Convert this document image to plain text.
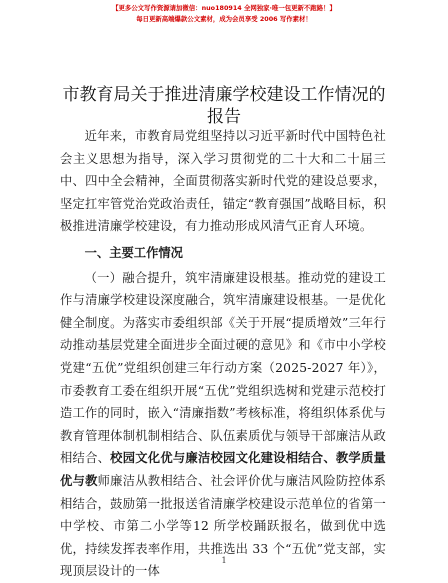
【更多公文写作资源请加微信：nuo180914 全网独家·唯一包更新不跑路！】
每日更新高端爆款公文素材，成为会员享受 2006 写作素材！
市教育局关于推进清廉学校建设工作情况的报告

近年来，市教育局党组坚持以习近平新时代中国特色社会主义思想为指导，深入学习贯彻党的二十大和二十届三中、四中全会精神，全面贯彻落实新时代党的建设总要求，坚定扛牢管党治党政治责任，锚定“教育强国”战略目标，积极推进清廉学校建设，有力推动形成风清气正育人环境。

一、主要工作情况

（一）融合提升，筑牢清廉建设根基。推动党的建设工作与清廉学校建设深度融合，筑牢清廉建设根基。一是优化健全制度。为落实市委组织部《关于开展“提质增效”三年行动推动基层党建全面进步全面过硬的意见》和《市中小学校党建“五优”党组织创建三年行动方案（2025-2027 年）》，市委教育工委在组织开展“五优”党组织选树和党建示范校打造工作的同时，嵌入“清廉指数”考核标准，将组织体系优与教育管理体制机制相结合、队伍素质优与领导干部廉洁从政相结合、校园文化优与廉洁校园文化建设相结合、教学质量优与教师廉洁从教相结合、社会评价优与廉洁风险防控体系相结合，鼓励第一批报送省清廉学校建设示范单位的省第一中学校、市第二小学等12 所学校踊跃报名，做到优中选优，持续发挥表率作用，共推选出 33 个“五优”党支部，实现顶层设计的一体

1
